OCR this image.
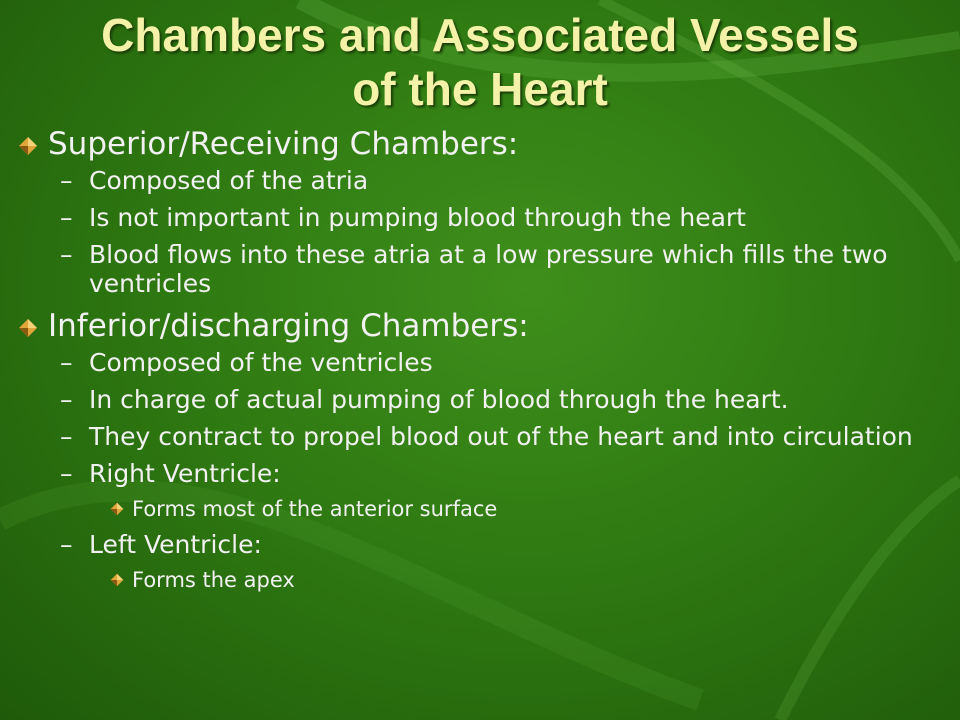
Chambers and Associated Vessels
of the Heart
Superior/Receiving Chambers:
– Composed of the atria
– Is not important in pumping blood through the heart
– Blood flows into these atria at a low pressure which fills the two ventricles
Inferior/discharging Chambers:
– Composed of the ventricles
– In charge of actual pumping of blood through the heart.
– They contract to propel blood out of the heart and into circulation
– Right Ventricle:
Forms most of the anterior surface
– Left Ventricle:
Forms the apex
